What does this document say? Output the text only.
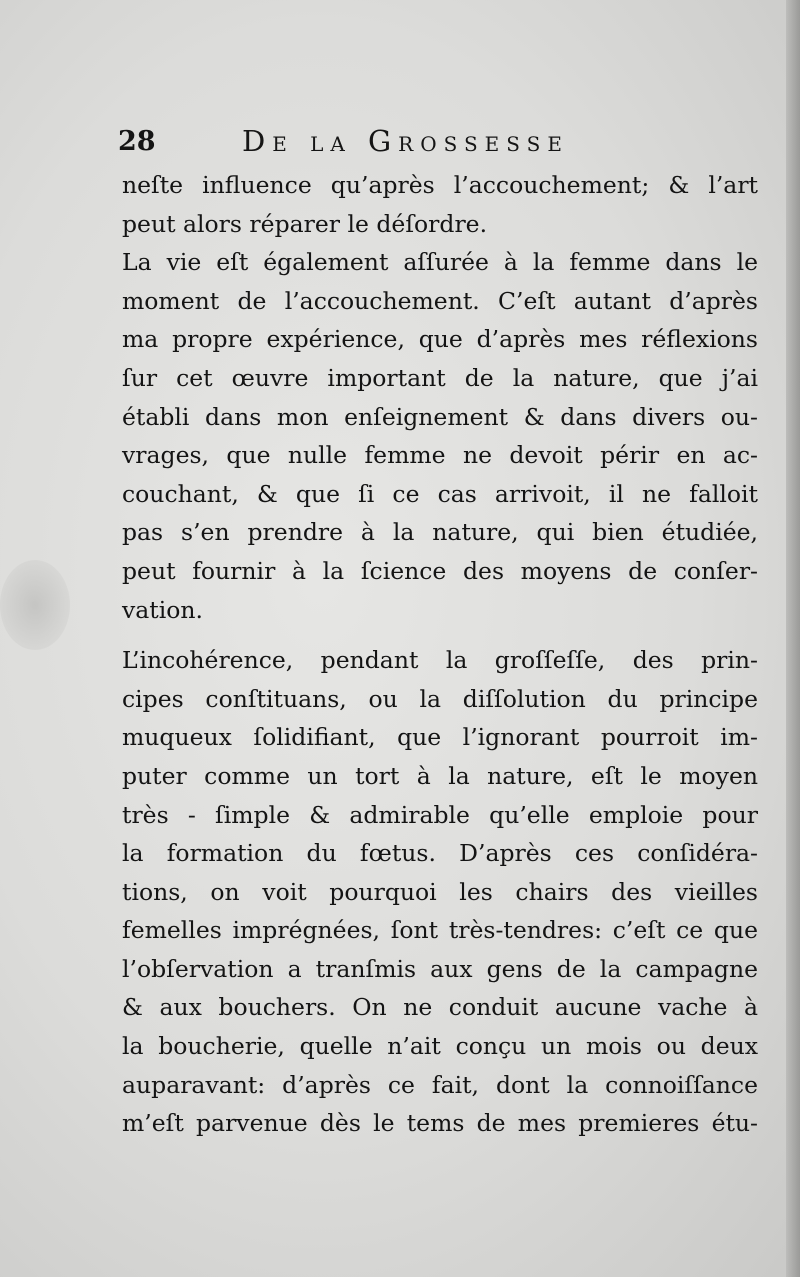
28	De la Grossesse
neſte influence qu’après l’accouchement; & l’art
peut alors réparer le déſordre.
La vie eſt également aſſurée à la femme dans le
moment de l’accouchement. C’eſt autant d’après
ma propre expérience, que d’après mes réflexions
ſur cet œuvre important de la nature, que j’ai
établi dans mon enſeignement & dans divers ou-
vrages, que nulle femme ne devoit périr en ac-
couchant, & que ſi ce cas arrivoit, il ne falloit
pas s’en prendre à la nature, qui bien étudiée,
peut fournir à la ſcience des moyens de conſer-
vation.
L’incohérence, pendant la groſſeſſe, des prin-
cipes conſtituans, ou la diſſolution du principe
muqueux ſolidifiant, que l’ignorant pourroit im-
puter comme un tort à la nature, eſt le moyen
très - ſimple & admirable qu’elle emploie pour
la formation du fœtus. D’après ces conſidéra-
tions, on voit pourquoi les chairs des vieilles
femelles imprégnées, ſont très-tendres: c’eſt ce que
l’obſervation a tranſmis aux gens de la campagne
& aux bouchers. On ne conduit aucune vache à
la boucherie, quelle n’ait conçu un mois ou deux
auparavant: d’après ce fait, dont la connoiſſance
m’eſt parvenue dès le tems de mes premieres étu-
